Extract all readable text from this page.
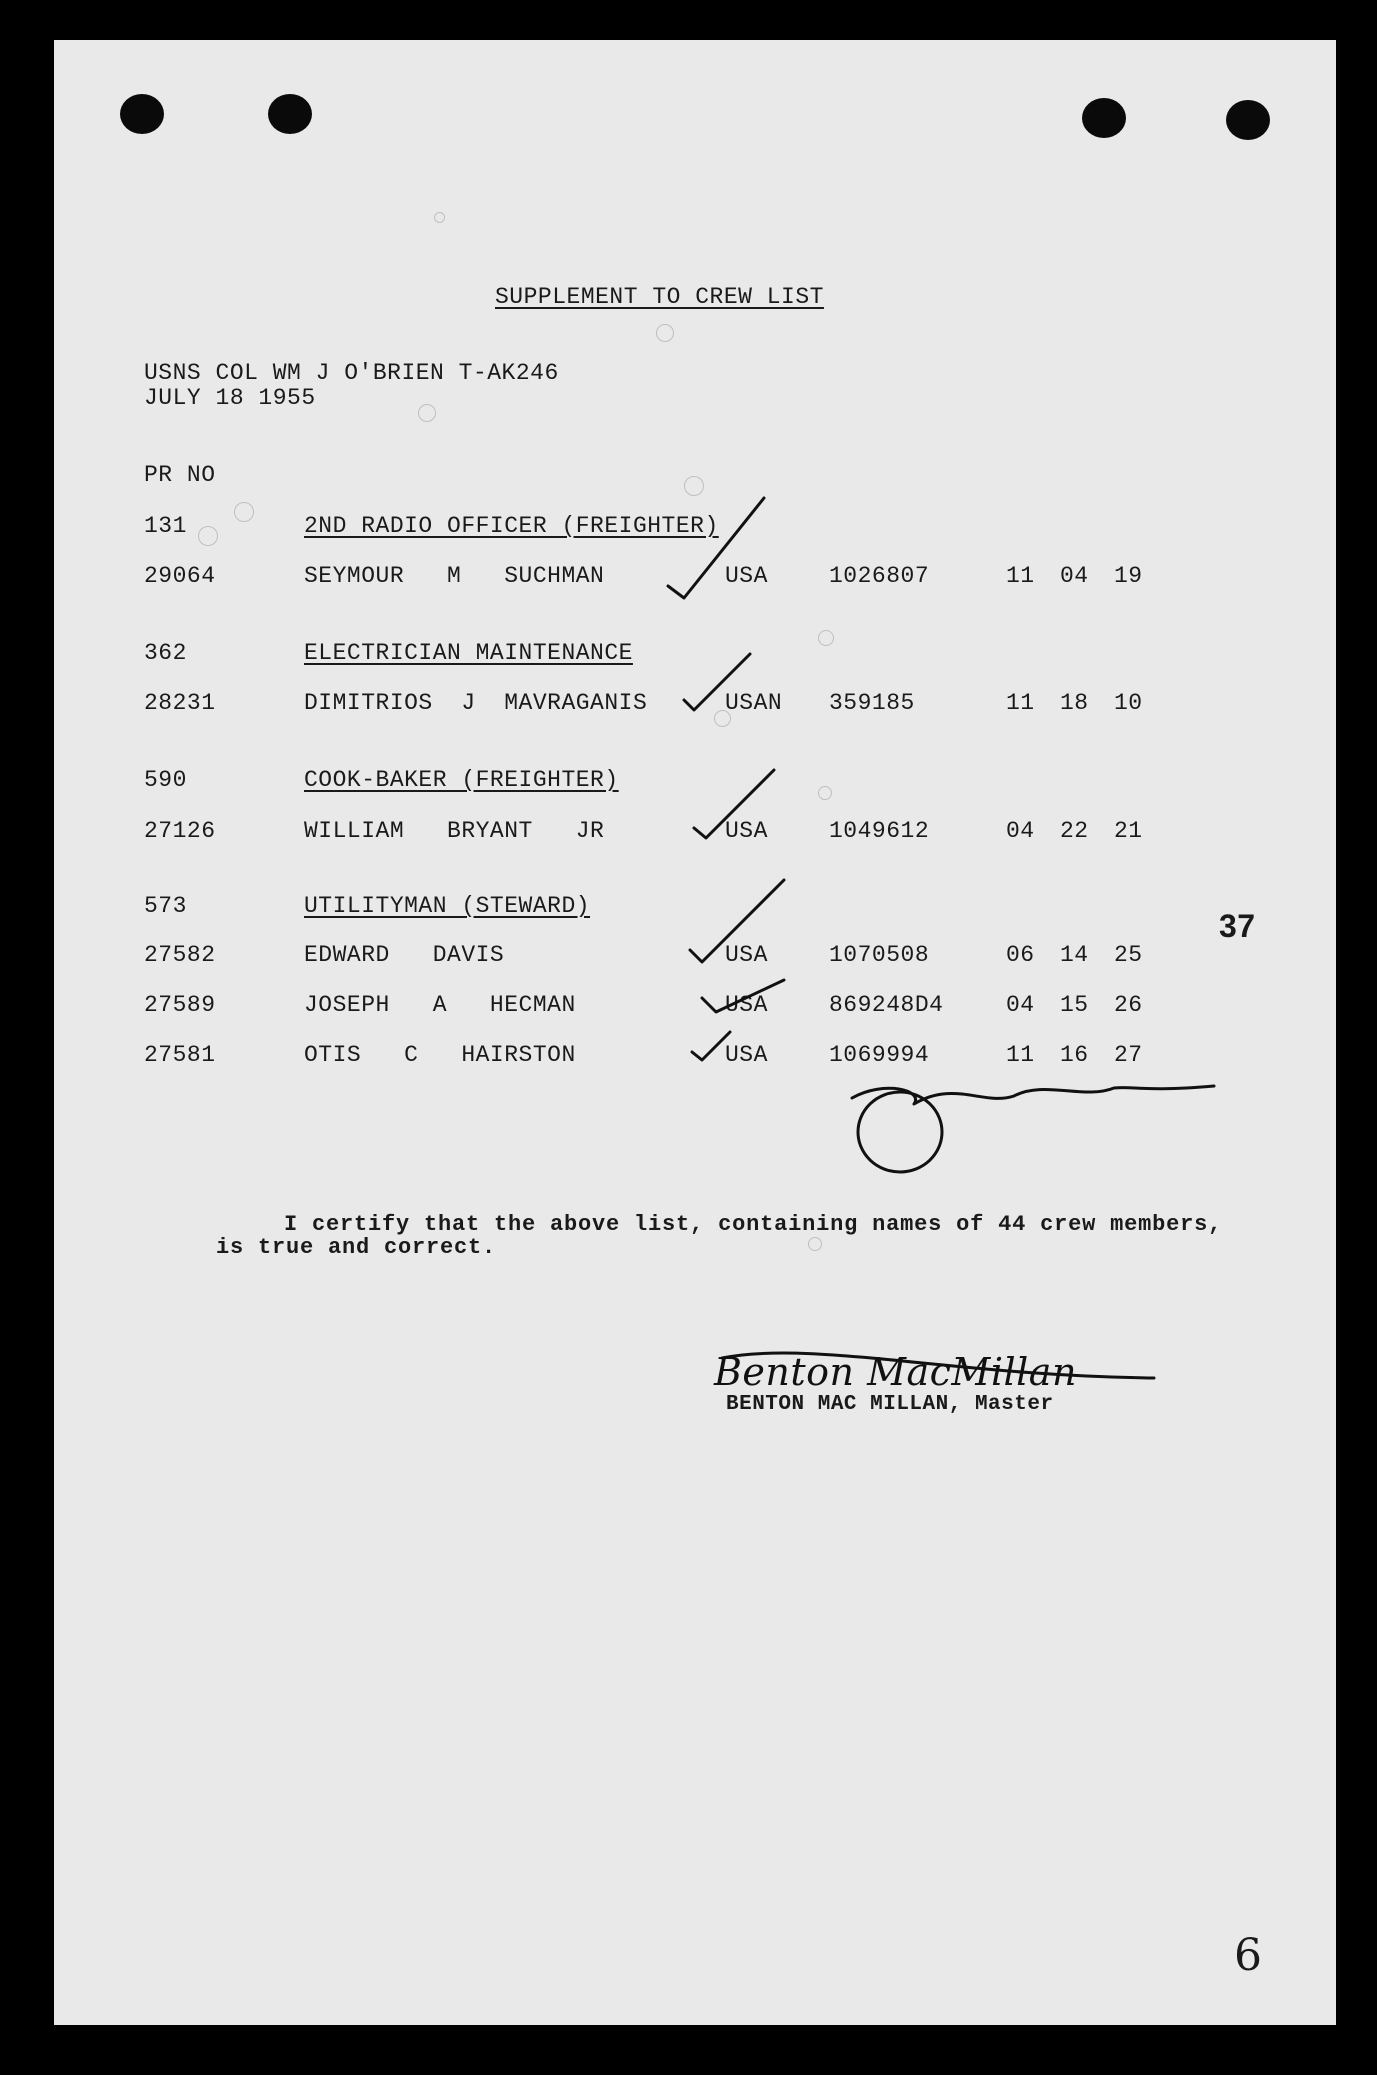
SUPPLEMENT TO CREW LIST
USNS COL WM J O'BRIEN T-AK246
JULY 18 1955
PR NO
131	2ND RADIO OFFICER (FREIGHTER)
29064	SEYMOUR   M   SUCHMAN	USA	1026807	11 04 19
362	ELECTRICIAN MAINTENANCE
28231	DIMITRIOS  J  MAVRAGANIS	USAN 359185	11 18 10
590	COOK-BAKER (FREIGHTER)
27126	WILLIAM   BRYANT   JR	USA	1049612	04 22 21
573	UTILITYMAN (STEWARD)
27582	EDWARD   DAVIS	USA	1070508	06 14 25
27589	JOSEPH   A   HECMAN	USA	869248D4	04 15 26
27581	OTIS   C   HAIRSTON	USA	1069994	11 16 27
37
I certify that the above list, containing names of 44 crew members,
is true and correct.
Benton MacMillan
BENTON MAC MILLAN, Master
6
